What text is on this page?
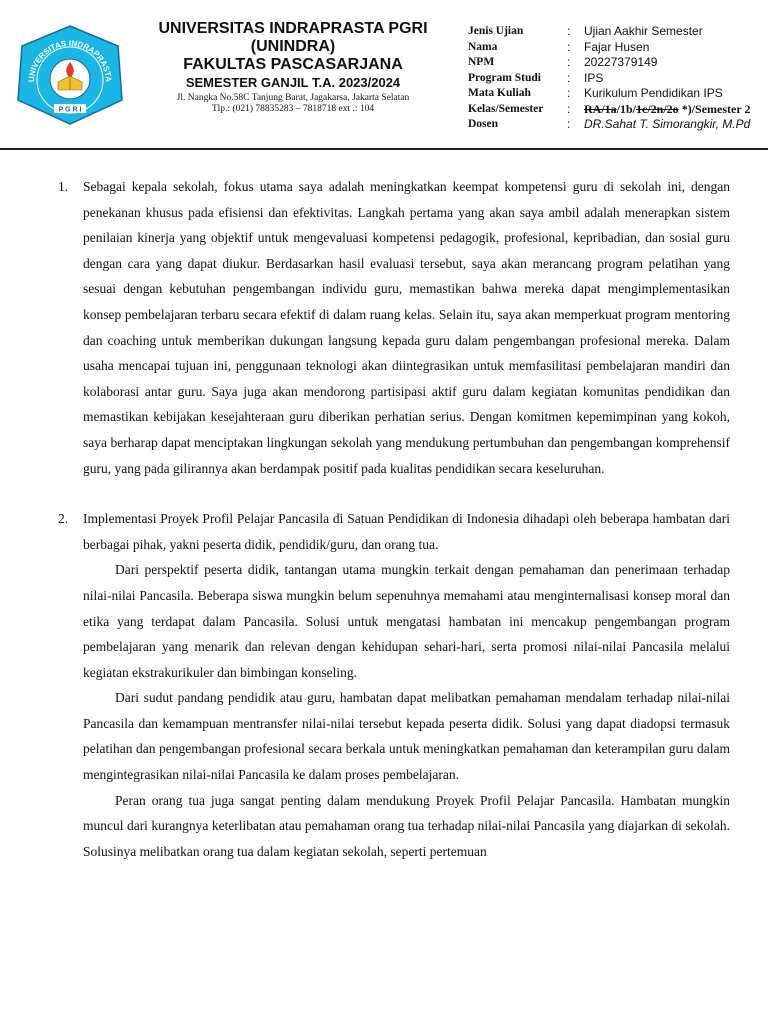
UNIVERSITAS INDRAPRASTA
P G R I
UNIVERSITAS INDRAPRASTA PGRI
(UNINDRA)
FAKULTAS PASCASARJANA
SEMESTER GANJIL T.A. 2023/2024
Jl. Nangka No.58C Tanjung Barat, Jagakarsa, Jakarta Selatan
Tlp.: (021) 78835283 – 7818718 ext .: 104
Jenis Ujian	: Ujian Aakhir Semester
Nama	: Fajar Husen
NPM	: 20227379149
Program Studi : IPS
Mata Kuliah	: Kurikulum Pendidikan IPS
Kelas/Semester : RA/1a/1b/1c/2n/2o *)/Semester 2
Dosen	: DR.Sahat T. Simorangkir, M.Pd
1. Sebagai kepala sekolah, fokus utama saya adalah meningkatkan keempat kompetensi guru di sekolah ini, dengan penekanan khusus pada efisiensi dan efektivitas. Langkah pertama yang akan saya ambil adalah menerapkan sistem penilaian kinerja yang objektif untuk mengevaluasi kompetensi pedagogik, profesional, kepribadian, dan sosial guru dengan cara yang dapat diukur. Berdasarkan hasil evaluasi tersebut, saya akan merancang program pelatihan yang sesuai dengan kebutuhan pengembangan individu guru, memastikan bahwa mereka dapat mengimplementasikan konsep pembelajaran terbaru secara efektif di dalam ruang kelas. Selain itu, saya akan memperkuat program mentoring dan coaching untuk memberikan dukungan langsung kepada guru dalam pengembangan profesional mereka. Dalam usaha mencapai tujuan ini, penggunaan teknologi akan diintegrasikan untuk memfasilitasi pembelajaran mandiri dan kolaborasi antar guru. Saya juga akan mendorong partisipasi aktif guru dalam kegiatan komunitas pendidikan dan memastikan kebijakan kesejahteraan guru diberikan perhatian serius. Dengan komitmen kepemimpinan yang kokoh, saya berharap dapat menciptakan lingkungan sekolah yang mendukung pertumbuhan dan pengembangan komprehensif guru, yang pada gilirannya akan berdampak positif pada kualitas pendidikan secara keseluruhan.

2. Implementasi Proyek Profil Pelajar Pancasila di Satuan Pendidikan di Indonesia dihadapi oleh beberapa hambatan dari berbagai pihak, yakni peserta didik, pendidik/guru, dan orang tua.

Dari perspektif peserta didik, tantangan utama mungkin terkait dengan pemahaman dan penerimaan terhadap nilai-nilai Pancasila. Beberapa siswa mungkin belum sepenuhnya memahami atau menginternalisasi konsep moral dan etika yang terdapat dalam Pancasila. Solusi untuk mengatasi hambatan ini mencakup pengembangan program pembelajaran yang menarik dan relevan dengan kehidupan sehari-hari, serta promosi nilai-nilai Pancasila melalui kegiatan ekstrakurikuler dan bimbingan konseling.

Dari sudut pandang pendidik atau guru, hambatan dapat melibatkan pemahaman mendalam terhadap nilai-nilai Pancasila dan kemampuan mentransfer nilai-nilai tersebut kepada peserta didik. Solusi yang dapat diadopsi termasuk pelatihan dan pengembangan profesional secara berkala untuk meningkatkan pemahaman dan keterampilan guru dalam mengintegrasikan nilai-nilai Pancasila ke dalam proses pembelajaran.

Peran orang tua juga sangat penting dalam mendukung Proyek Profil Pelajar Pancasila. Hambatan mungkin muncul dari kurangnya keterlibatan atau pemahaman orang tua terhadap nilai-nilai Pancasila yang diajarkan di sekolah. Solusinya melibatkan orang tua dalam kegiatan sekolah, seperti pertemuan
